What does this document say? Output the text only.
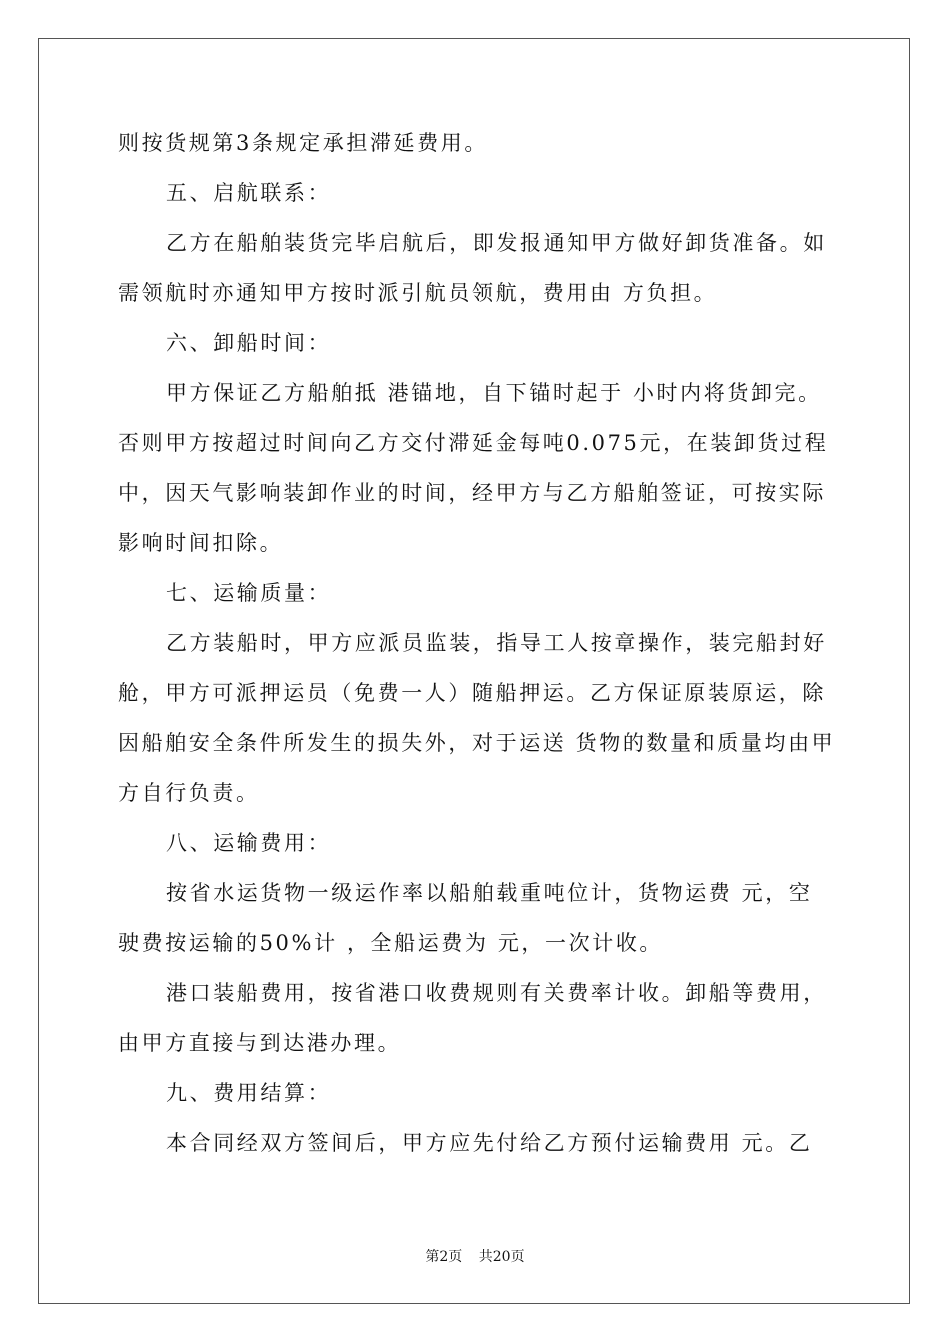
则按货规第3条规定承担滞延费用。

五、启航联系：

乙方在船舶装货完毕启航后，即发报通知甲方做好卸货准备。如需领航时亦通知甲方按时派引航员领航，费用由 方负担。

六、卸船时间：

甲方保证乙方船舶抵 港锚地，自下锚时起于 小时内将货卸完。否则甲方按超过时间向乙方交付滞延金每吨0.075元，在装卸货过程中，因天气影响装卸作业的时间，经甲方与乙方船舶签证，可按实际影响时间扣除。

七、运输质量：

乙方装船时，甲方应派员监装，指导工人按章操作，装完船封好舱，甲方可派押运员（免费一人）随船押运。乙方保证原装原运，除因船舶安全条件所发生的损失外，对于运送 货物的数量和质量均由甲方自行负责。

八、运输费用：

按省水运货物一级运作率以船舶载重吨位计，货物运费 元，空驶费按运输的50%计 ，全船运费为 元，一次计收。

港口装船费用，按省港口收费规则有关费率计收。卸船等费用，由甲方直接与到达港办理。

九、费用结算：

本合同经双方签间后，甲方应先付给乙方预付运输费用 元。乙

第2页 共20页
